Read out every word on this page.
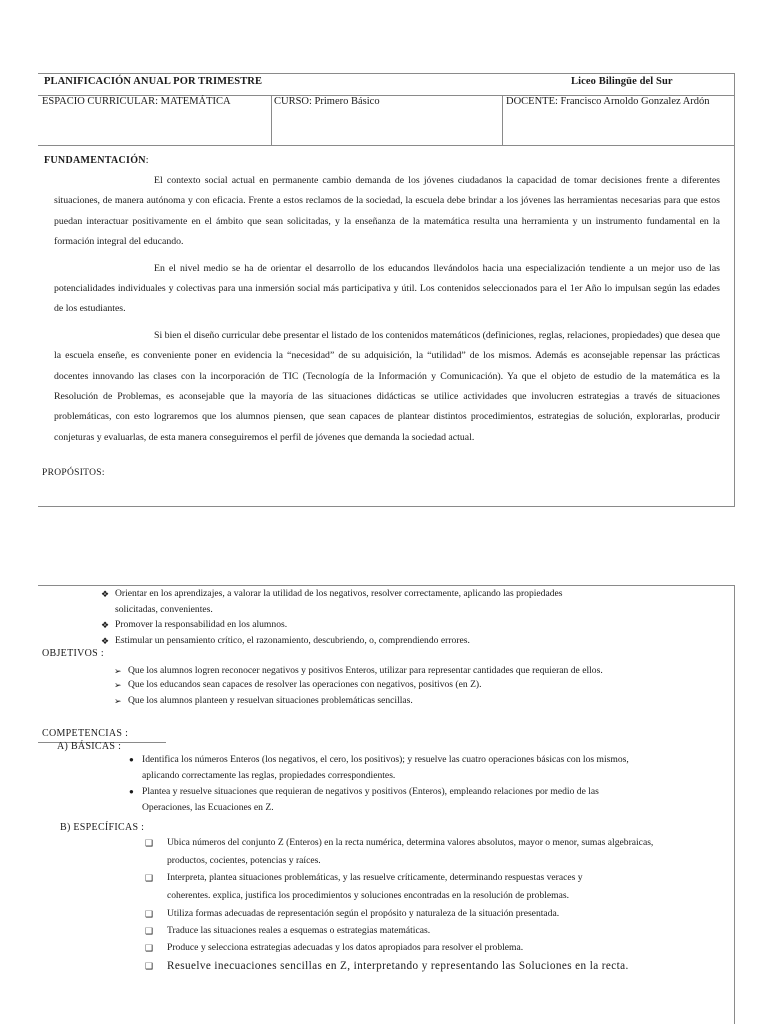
PLANIFICACIÓN ANUAL POR TRIMESTRE	Liceo Bilingüe del Sur
ESPACIO CURRICULAR: MATEMÁTICA	CURSO: Primero Básico	DOCENTE: Francisco Arnoldo Gonzalez Ardón
FUNDAMENTACIÓN:

El contexto social actual en permanente cambio demanda de los jóvenes ciudadanos la capacidad de tomar decisiones frente a diferentes situaciones, de manera autónoma y con eficacia. Frente a estos reclamos de la sociedad, la escuela debe brindar a los jóvenes las herramientas necesarias para que estos puedan interactuar positivamente en el ámbito que sean solicitadas, y la enseñanza de la matemática resulta una herramienta y un instrumento fundamental en la formación integral del educando.

En el nivel medio se ha de orientar el desarrollo de los educandos llevándolos hacia una especialización tendiente a un mejor uso de las potencialidades individuales y colectivas para una inmersión social más participativa y útil. Los contenidos seleccionados para el 1er Año lo impulsan según las edades de los estudiantes.

Si bien el diseño curricular debe presentar el listado de los contenidos matemáticos (definiciones, reglas, relaciones, propiedades) que desea que la escuela enseñe, es conveniente poner en evidencia la “necesidad” de su adquisición, la “utilidad” de los mismos. Además es aconsejable repensar las prácticas docentes innovando las clases con la incorporación de TIC (Tecnología de la Información y Comunicación). Ya que el objeto de estudio de la matemática es la Resolución de Problemas, es aconsejable que la mayoría de las situaciones didácticas se utilice actividades que involucren estrategias a través de situaciones problemáticas, con esto lograremos que los alumnos piensen, que sean capaces de plantear distintos procedimientos, estrategias de solución, explorarlas, producir conjeturas y evaluarlas, de esta manera conseguiremos el perfil de jóvenes que demanda la sociedad actual.

PROPÓSITOS:
❖ Orientar en los aprendizajes, a valorar la utilidad de los negativos, resolver correctamente, aplicando las propiedades
solicitadas, convenientes.
❖ Promover la responsabilidad en los alumnos.
❖ Estimular un pensamiento crítico, el razonamiento, descubriendo, o, comprendiendo errores.
OBJETIVOS :
➢ Que los alumnos logren reconocer negativos y positivos Enteros, utilizar para representar cantidades que requieran de ellos.
➢ Que los educandos sean capaces de resolver las operaciones con negativos, positivos (en Z).
➢ Que los alumnos planteen y resuelvan situaciones problemáticas sencillas.
COMPETENCIAS :
A) BÁSICAS :
● Identifica los números Enteros (los negativos, el cero, los positivos); y resuelve las cuatro operaciones básicas con los mismos,
aplicando correctamente las reglas, propiedades correspondientes.
● Plantea y resuelve situaciones que requieran de negativos y positivos (Enteros), empleando relaciones por medio de las
Operaciones, las Ecuaciones en Z.
B) ESPECÍFICAS :
❑ Ubica números del conjunto Z (Enteros) en la recta numérica, determina valores absolutos, mayor o menor, sumas algebraicas,
productos, cocientes, potencias y raíces.
❑ Interpreta, plantea situaciones problemáticas, y las resuelve críticamente, determinando respuestas veraces y
coherentes. explica, justifica los procedimientos y soluciones encontradas en la resolución de problemas.
❑ Utiliza formas adecuadas de representación según el propósito y naturaleza de la situación presentada.
❑ Traduce las situaciones reales a esquemas o estrategias matemáticas.
❑ Produce y selecciona estrategias adecuadas y los datos apropiados para resolver el problema.
❑ Resuelve inecuaciones sencillas en Z, interpretando y representando las Soluciones en la recta.
